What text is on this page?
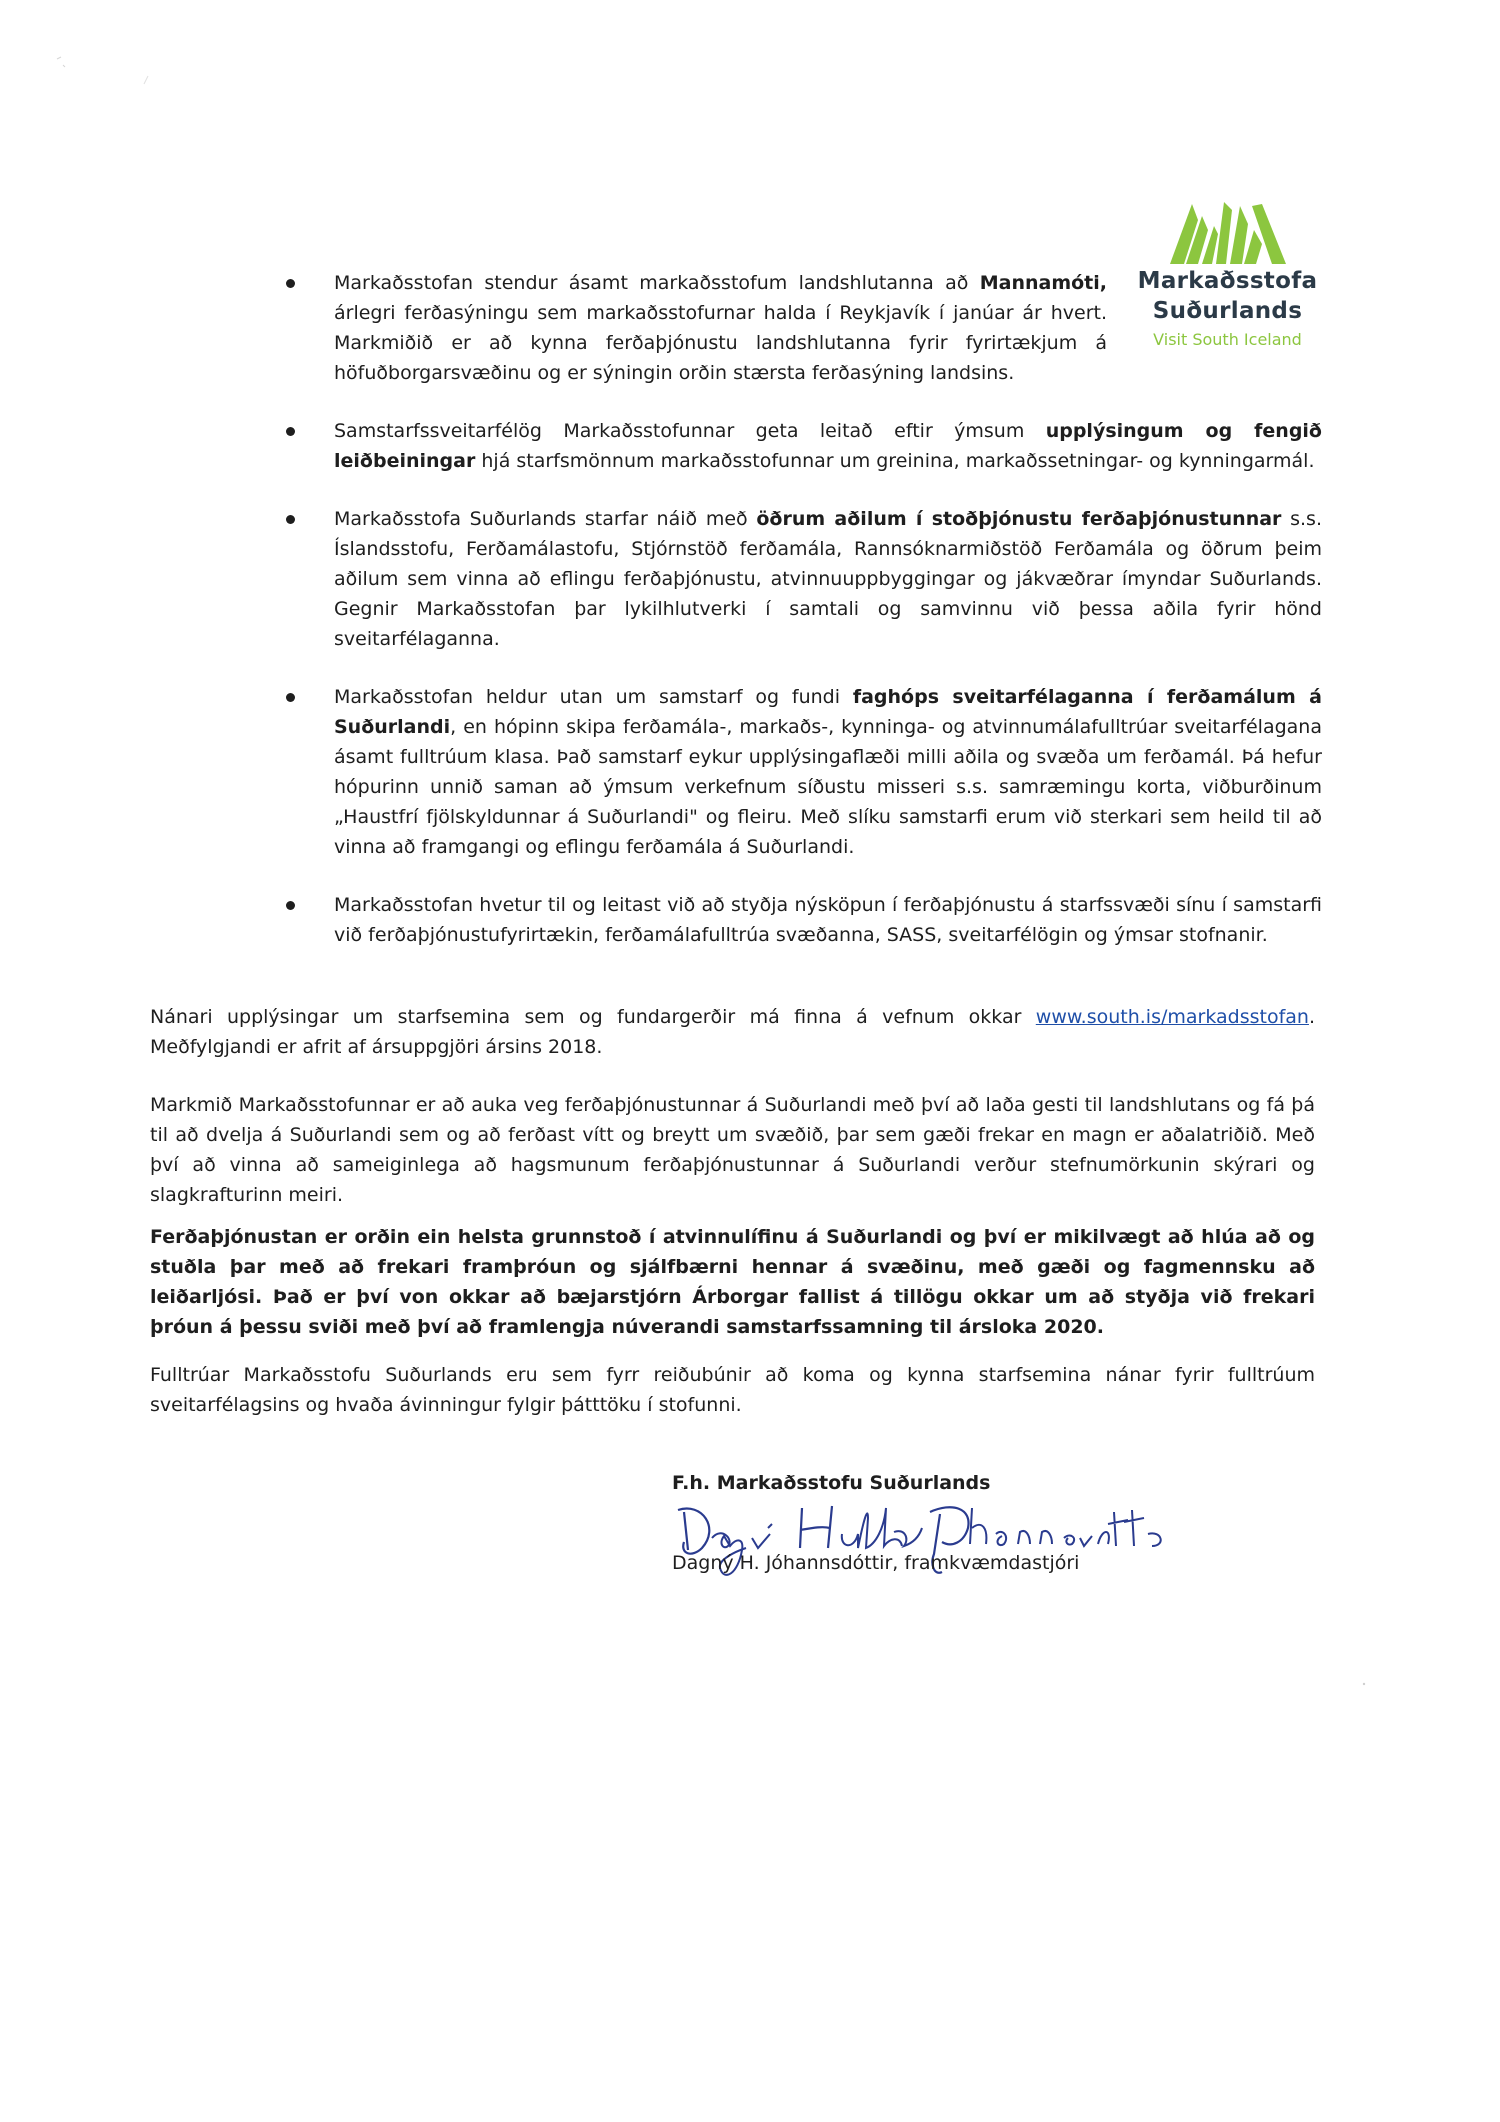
Markaðsstofa
Suðurlands
Visit South Iceland
Markaðsstofan stendur ásamt markaðsstofum landshlutanna að Mannamóti, árlegri ferðasýningu sem markaðsstofurnar halda í Reykjavík í janúar ár hvert. Markmiðið er að kynna ferðaþjónustu landshlutanna fyrir fyrirtækjum á höfuðborgarsvæðinu og er sýningin orðin stærsta ferðasýning landsins.
Samstarfssveitarfélög Markaðsstofunnar geta leitað eftir ýmsum upplýsingum og fengið leiðbeiningar hjá starfsmönnum markaðsstofunnar um greinina, markaðssetningar- og kynningarmál.
Markaðsstofa Suðurlands starfar náið með öðrum aðilum í stoðþjónustu ferðaþjónustunnar s.s. Íslandsstofu, Ferðamálastofu, Stjórnstöð ferðamála, Rannsóknarmiðstöð Ferðamála og öðrum þeim aðilum sem vinna að eflingu ferðaþjónustu, atvinnuuppbyggingar og jákvæðrar ímyndar Suðurlands. Gegnir Markaðsstofan þar lykilhlutverki í samtali og samvinnu við þessa aðila fyrir hönd sveitarfélaganna.
Markaðsstofan heldur utan um samstarf og fundi faghóps sveitarfélaganna í ferðamálum á Suðurlandi, en hópinn skipa ferðamála-, markaðs-, kynninga- og atvinnumálafulltrúar sveitarfélagana ásamt fulltrúum klasa. Það samstarf eykur upplýsingaflæði milli aðila og svæða um ferðamál. Þá hefur hópurinn unnið saman að ýmsum verkefnum síðustu misseri s.s. samræmingu korta, viðburðinum „Haustfrí fjölskyldunnar á Suðurlandi" og fleiru. Með slíku samstarfi erum við sterkari sem heild til að vinna að framgangi og eflingu ferðamála á Suðurlandi.
Markaðsstofan hvetur til og leitast við að styðja nýsköpun í ferðaþjónustu á starfssvæði sínu í samstarfi við ferðaþjónustufyrirtækin, ferðamálafulltrúa svæðanna, SASS, sveitarfélögin og ýmsar stofnanir.

Nánari upplýsingar um starfsemina sem og fundargerðir má finna á vefnum okkar www.south.is/markadsstofan. Meðfylgjandi er afrit af ársuppgjöri ársins 2018.

Markmið Markaðsstofunnar er að auka veg ferðaþjónustunnar á Suðurlandi með því að laða gesti til landshlutans og fá þá til að dvelja á Suðurlandi sem og að ferðast vítt og breytt um svæðið, þar sem gæði frekar en magn er aðalatriðið. Með því að vinna að sameiginlega að hagsmunum ferðaþjónustunnar á Suðurlandi verður stefnumörkunin skýrari og slagkrafturinn meiri.

Ferðaþjónustan er orðin ein helsta grunnstoð í atvinnulífinu á Suðurlandi og því er mikilvægt að hlúa að og stuðla þar með að frekari framþróun og sjálfbærni hennar á svæðinu, með gæði og fagmennsku að leiðarljósi. Það er því von okkar að bæjarstjórn Árborgar fallist á tillögu okkar um að styðja við frekari þróun á þessu sviði með því að framlengja núverandi samstarfssamning til ársloka 2020.

Fulltrúar Markaðsstofu Suðurlands eru sem fyrr reiðubúnir að koma og kynna starfsemina nánar fyrir fulltrúum sveitarfélagsins og hvaða ávinningur fylgir þátttöku í stofunni.

F.h. Markaðsstofu Suðurlands
Dagný H. Jóhannsdóttir, framkvæmdastjóri
